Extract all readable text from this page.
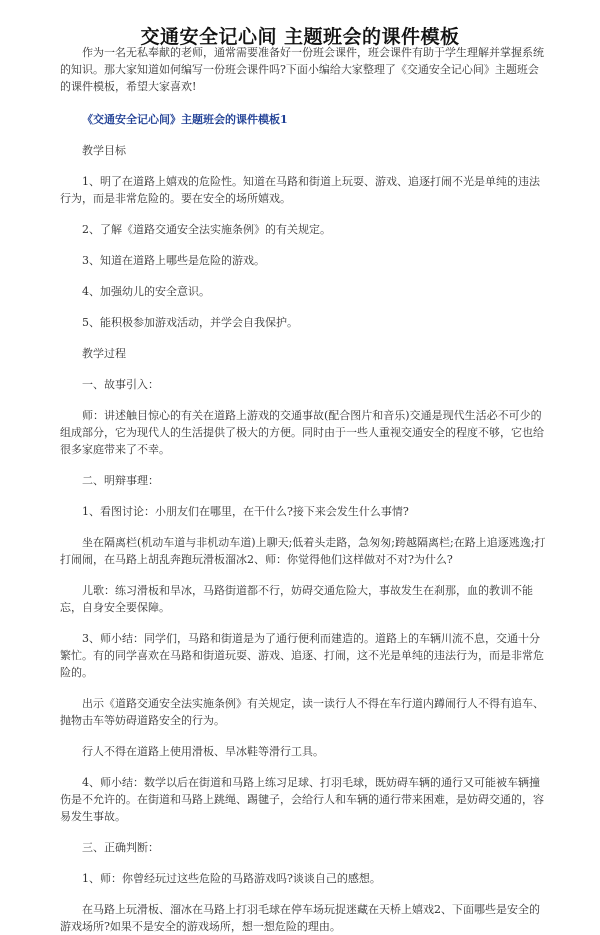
交通安全记心间 主题班会的课件模板

作为一名无私奉献的老师，通常需要准备好一份班会课件，班会课件有助于学生理解并掌握系统的知识。那大家知道如何编写一份班会课件吗?下面小编给大家整理了《交通安全记心间》主题班会的课件模板，希望大家喜欢!

《交通安全记心间》主题班会的课件模板1

教学目标

1、明了在道路上嬉戏的危险性。知道在马路和街道上玩耍、游戏、追逐打闹不光是单纯的违法行为，而是非常危险的。要在安全的场所嬉戏。

2、了解《道路交通安全法实施条例》的有关规定。

3、知道在道路上哪些是危险的游戏。

4、加强幼儿的安全意识。

5、能积极参加游戏活动，并学会自我保护。

教学过程

一、故事引入：

师：讲述触目惊心的有关在道路上游戏的交通事故(配合图片和音乐)交通是现代生活必不可少的组成部分，它为现代人的生活提供了极大的方便。同时由于一些人重视交通安全的程度不够，它也给很多家庭带来了不幸。

二、明辩事理：

1、看图讨论：小朋友们在哪里，在干什么?接下来会发生什么事情?

坐在隔离栏(机动车道与非机动车道)上聊天;低着头走路，急匆匆;跨越隔离栏;在路上追逐逃逸;打打闹闹，在马路上胡乱奔跑玩滑板溜冰2、师：你觉得他们这样做对不对?为什么?

儿歌：练习滑板和旱冰，马路街道都不行，妨碍交通危险大，事故发生在刹那，血的教训不能忘，自身安全要保障。

3、师小结：同学们，马路和街道是为了通行便利而建造的。道路上的车辆川流不息，交通十分繁忙。有的同学喜欢在马路和街道玩耍、游戏、追逐、打闹，这不光是单纯的违法行为，而是非常危险的。

出示《道路交通安全法实施条例》有关规定，读一读行人不得在车行道内蹲闹行人不得有追车、抛物击车等妨碍道路安全的行为。

行人不得在道路上使用滑板、旱冰鞋等滑行工具。

4、师小结：数学以后在街道和马路上练习足球、打羽毛球，既妨碍车辆的通行又可能被车辆撞伤是不允许的。在街道和马路上跳绳、踢毽子，会给行人和车辆的通行带来困难，是妨碍交通的，容易发生事故。

三、正确判断：

1、师：你曾经玩过这些危险的马路游戏吗?谈谈自己的感想。

在马路上玩滑板、溜冰在马路上打羽毛球在停车场玩捉迷藏在天桥上嬉戏2、下面哪些是安全的游戏场所?如果不是安全的游戏场所，想一想危险的理由。
